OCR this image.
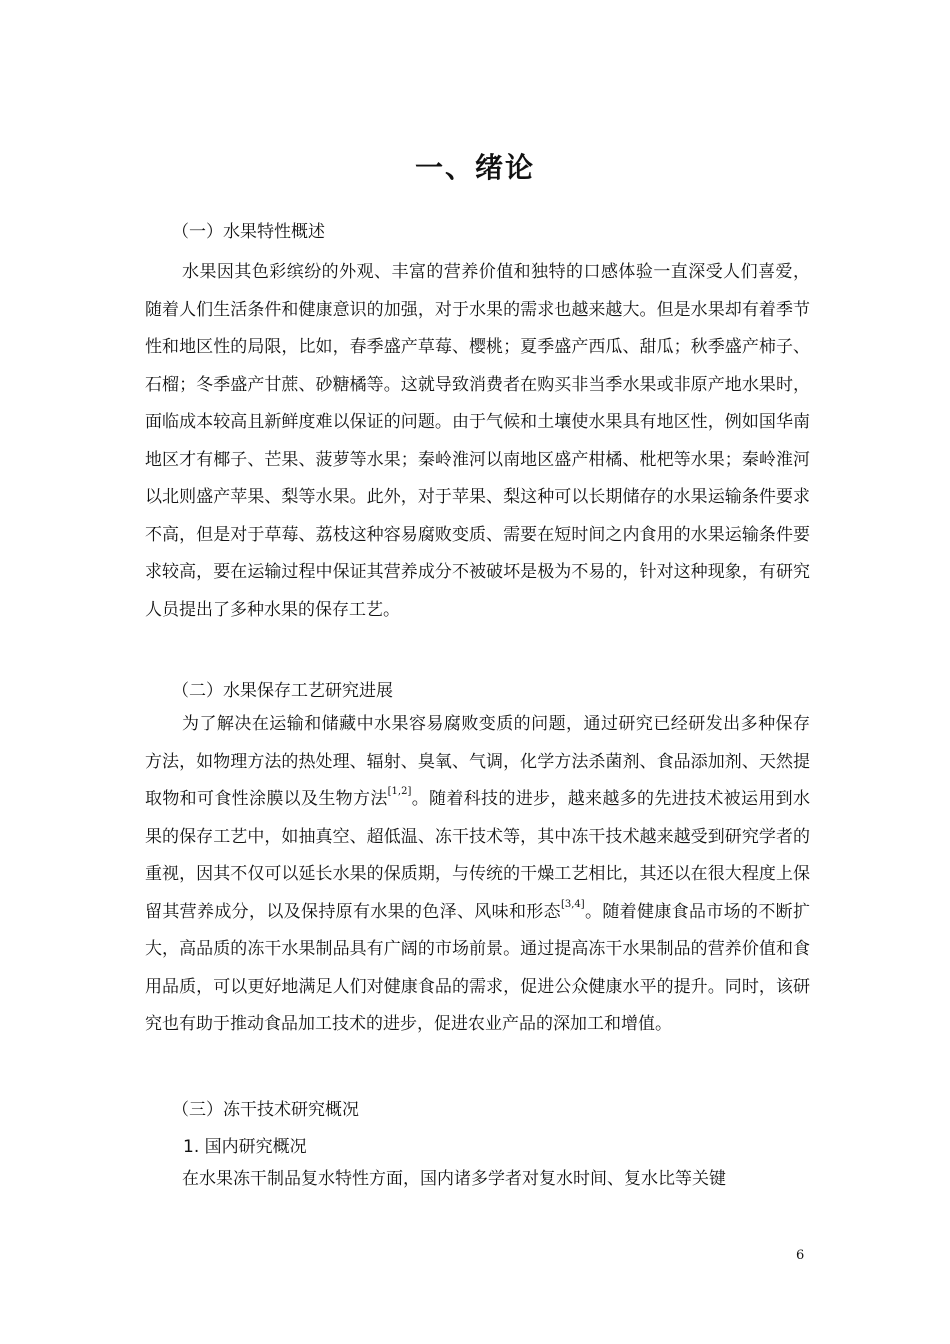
一、绪论
（一）水果特性概述

水果因其色彩缤纷的外观、丰富的营养价值和独特的口感体验一直深受人们喜爱，随着人们生活条件和健康意识的加强，对于水果的需求也越来越大。但是水果却有着季节性和地区性的局限，比如，春季盛产草莓、樱桃；夏季盛产西瓜、甜瓜；秋季盛产柿子、石榴；冬季盛产甘蔗、砂糖橘等。这就导致消费者在购买非当季水果或非原产地水果时，面临成本较高且新鲜度难以保证的问题。由于气候和土壤使水果具有地区性，例如国华南地区才有椰子、芒果、菠萝等水果；秦岭淮河以南地区盛产柑橘、枇杷等水果；秦岭淮河以北则盛产苹果、梨等水果。此外，对于苹果、梨这种可以长期储存的水果运输条件要求不高，但是对于草莓、荔枝这种容易腐败变质、需要在短时间之内食用的水果运输条件要求较高，要在运输过程中保证其营养成分不被破坏是极为不易的，针对这种现象，有研究人员提出了多种水果的保存工艺。

（二）水果保存工艺研究进展

为了解决在运输和储藏中水果容易腐败变质的问题，通过研究已经研发出多种保存方法，如物理方法的热处理、辐射、臭氧、气调，化学方法杀菌剂、食品添加剂、天然提取物和可食性涂膜以及生物方法[1,2]。随着科技的进步，越来越多的先进技术被运用到水果的保存工艺中，如抽真空、超低温、冻干技术等，其中冻干技术越来越受到研究学者的重视，因其不仅可以延长水果的保质期，与传统的干燥工艺相比，其还以在很大程度上保留其营养成分，以及保持原有水果的色泽、风味和形态[3,4]。随着健康食品市场的不断扩大，高品质的冻干水果制品具有广阔的市场前景。通过提高冻干水果制品的营养价值和食用品质，可以更好地满足人们对健康食品的需求，促进公众健康水平的提升。同时，该研究也有助于推动食品加工技术的进步，促进农业产品的深加工和增值。

（三）冻干技术研究概况
1. 国内研究概况

在水果冻干制品复水特性方面，国内诸多学者对复水时间、复水比等关键

6
